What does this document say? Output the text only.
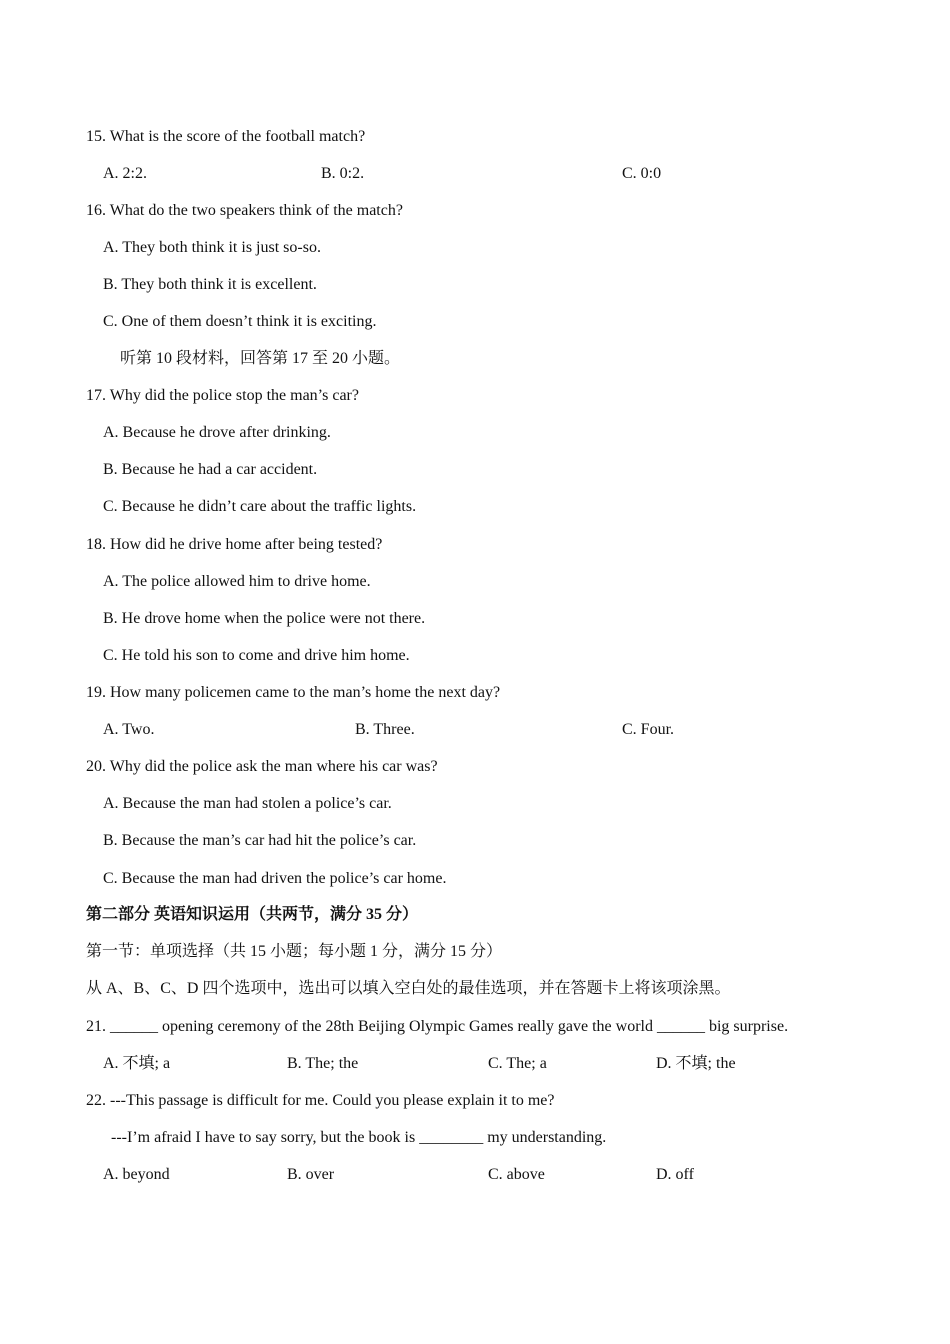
15. What is the score of the football match?
A. 2:2.	B. 0:2.	C. 0:0
16. What do the two speakers think of the match?
A. They both think it is just so-so.
B. They both think it is excellent.
C. One of them doesn’t think it is exciting.
听第 10 段材料，回答第 17 至 20 小题。
17. Why did the police stop the man’s car?
A. Because he drove after drinking.
B. Because he had a car accident.
C. Because he didn’t care about the traffic lights.
18. How did he drive home after being tested?
A. The police allowed him to drive home.
B. He drove home when the police were not there.
C. He told his son to come and drive him home.
19. How many policemen came to the man’s home the next day?
A. Two.	B. Three.	C. Four.
20. Why did the police ask the man where his car was?
A. Because the man had stolen a police’s car.
B. Because the man’s car had hit the police’s car.
C. Because the man had driven the police’s car home.
第二部分 英语知识运用（共两节，满分 35 分）
第一节：单项选择（共 15 小题；每小题 1 分，满分 15 分）
从 A、B、C、D 四个选项中，选出可以填入空白处的最佳选项，并在答题卡上将该项涂黑。
21. ______ opening ceremony of the 28th Beijing Olympic Games really gave the world ______ big surprise.
A. 不填; a	B. The; the	C. The; a	D. 不填; the
22. ---This passage is difficult for me. Could you please explain it to me?
---I’m afraid I have to say sorry, but the book is ________ my understanding.
A. beyond	B. over	C. above	D. off
